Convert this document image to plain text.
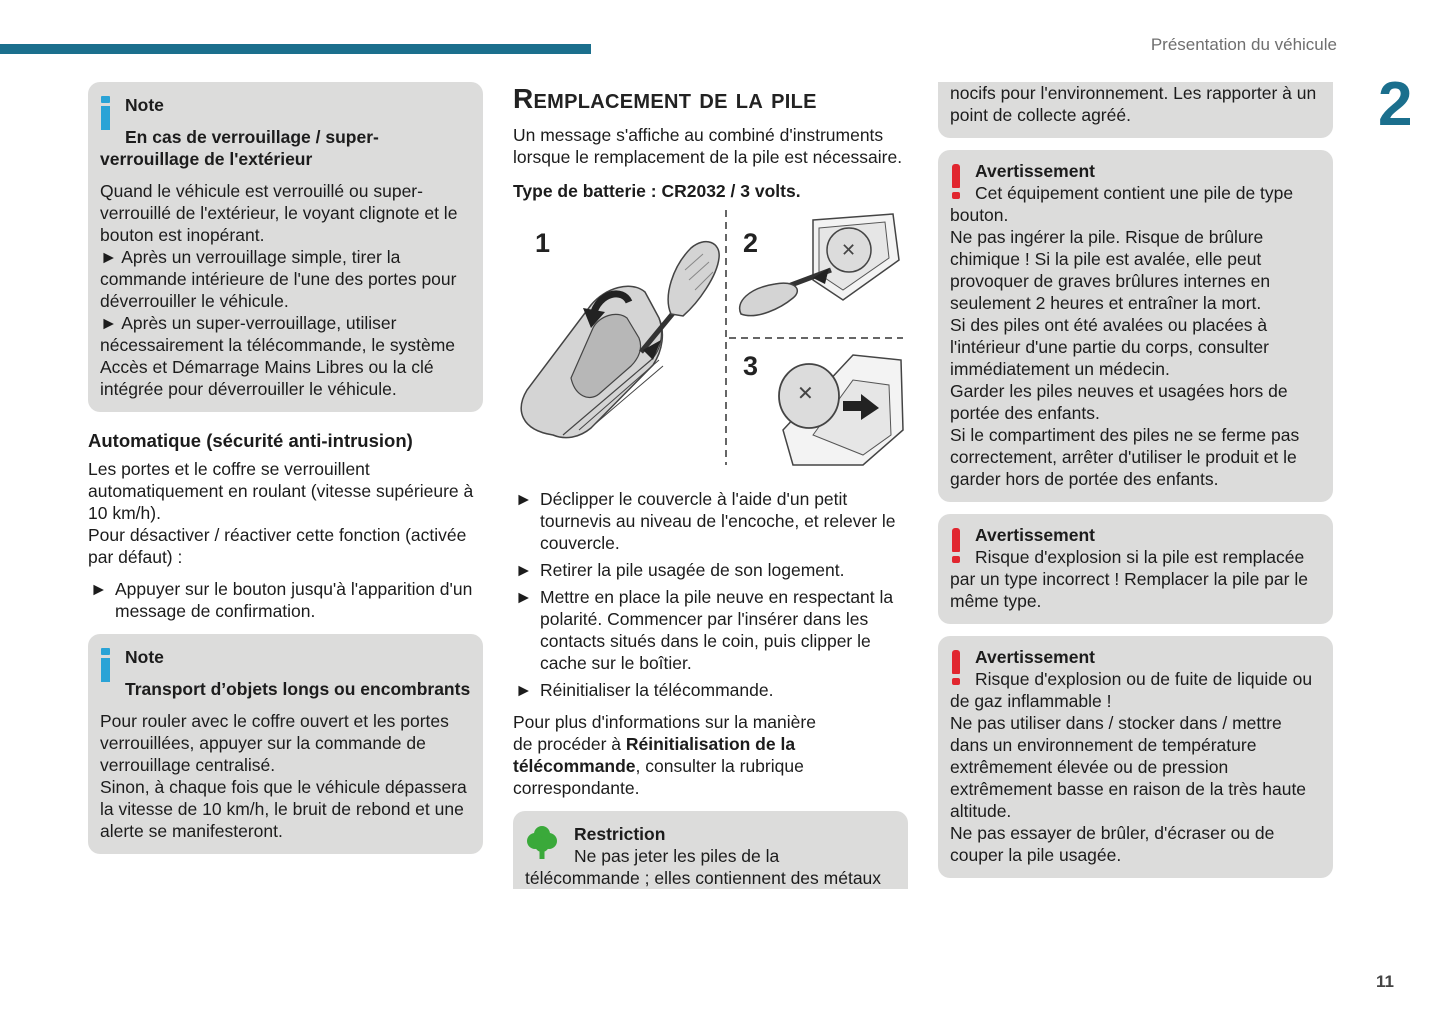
Présentation du véhicule
2
11

Note

En cas de verrouillage / super-verrouillage de l'extérieur

Quand le véhicule est verrouillé ou super-verrouillé de l'extérieur, le voyant clignote et le bouton est inopérant.

► Après un verrouillage simple, tirer la commande intérieure de l'une des portes pour déverrouiller le véhicule.

► Après un super-verrouillage, utiliser nécessairement la télécommande, le système Accès et Démarrage Mains Libres ou la clé intégrée pour déverrouiller le véhicule.

Automatique (sécurité anti-intrusion)

Les portes et le coffre se verrouillent automatiquement en roulant (vitesse supérieure à 10 km/h).

Pour désactiver / réactiver cette fonction (activée par défaut) :

► Appuyer sur le bouton jusqu'à l'apparition d'un message de confirmation.

Note

Transport d’objets longs ou encombrants

Pour rouler avec le coffre ouvert et les portes verrouillées, appuyer sur la commande de verrouillage centralisé.

Sinon, à chaque fois que le véhicule dépassera la vitesse de 10 km/h, le bruit de rebond et une alerte se manifesteront.

Remplacement de la pile

Un message s'affiche au combiné d'instruments lorsque le remplacement de la pile est nécessaire.

Type de batterie : CR2032 / 3 volts.

1	2
3
✕
✕
► Déclipper le couvercle à l'aide d'un petit tournevis au niveau de l'encoche, et relever le couvercle.
► Retirer la pile usagée de son logement.
► Mettre en place la pile neuve en respectant la polarité. Commencer par l'insérer dans les contacts situés dans le coin, puis clipper le cache sur le boîtier.
► Réinitialiser la télécommande.

Pour plus d'informations sur la manière de procéder à Réinitialisation de la télécommande, consulter la rubrique correspondante.

Restriction

Ne pas jeter les piles de la télécommande ; elles contiennent des métaux

nocifs pour l'environnement. Les rapporter à un point de collecte agréé.

Avertissement

Cet équipement contient une pile de type bouton.

Ne pas ingérer la pile. Risque de brûlure chimique ! Si la pile est avalée, elle peut provoquer de graves brûlures internes en seulement 2 heures et entraîner la mort.

Si des piles ont été avalées ou placées à l'intérieur d'une partie du corps, consulter immédiatement un médecin.

Garder les piles neuves et usagées hors de portée des enfants.

Si le compartiment des piles ne se ferme pas correctement, arrêter d'utiliser le produit et le garder hors de portée des enfants.

Avertissement

Risque d'explosion si la pile est remplacée par un type incorrect ! Remplacer la pile par le même type.

Avertissement

Risque d'explosion ou de fuite de liquide ou de gaz inflammable !

Ne pas utiliser dans / stocker dans / mettre dans un environnement de température extrêmement élevée ou de pression extrêmement basse en raison de la très haute altitude.

Ne pas essayer de brûler, d'écraser ou de couper la pile usagée.
